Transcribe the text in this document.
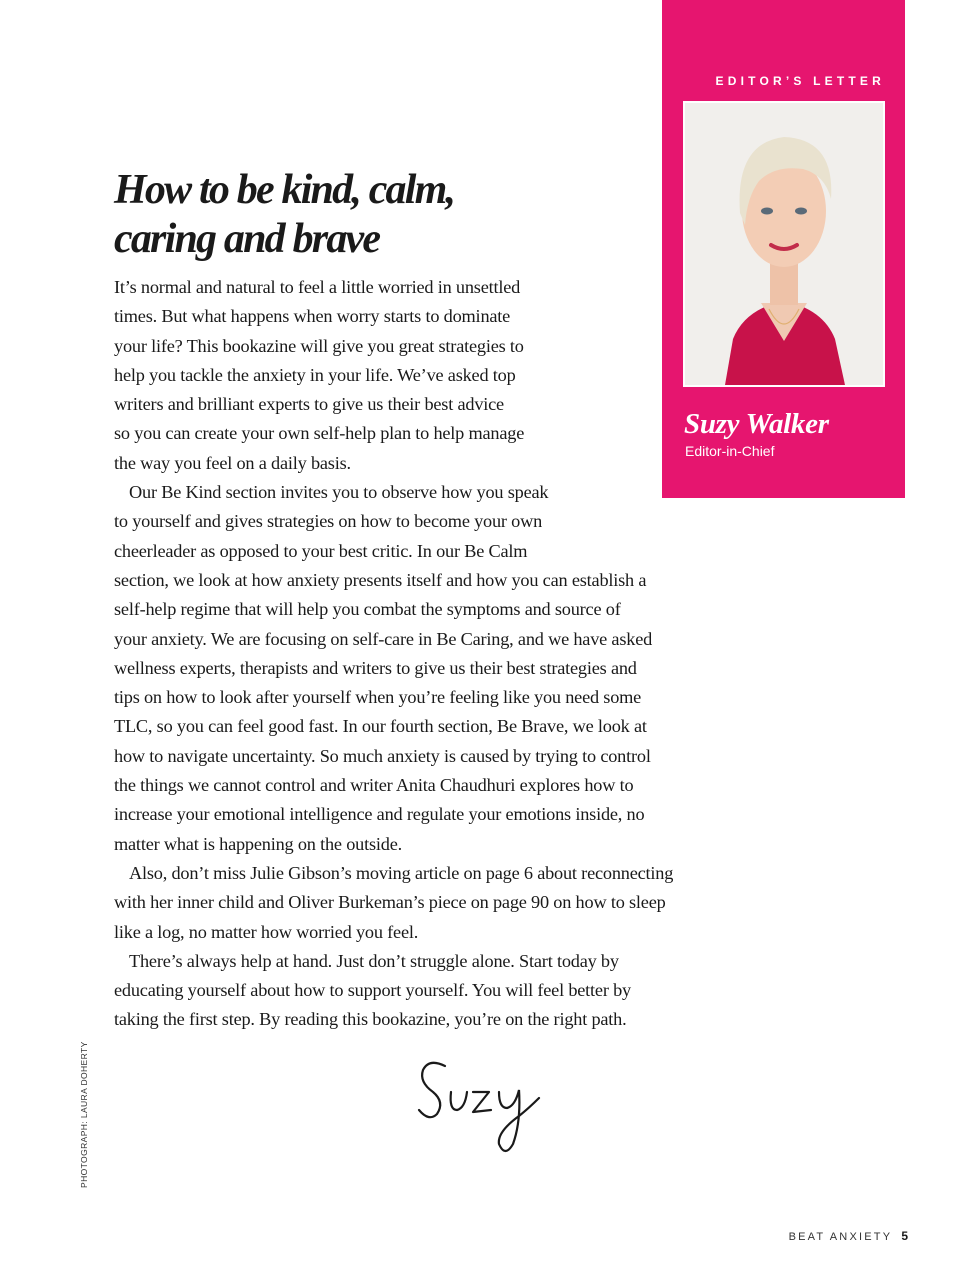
EDITOR’S LETTER
Suzy Walker
Editor-in-Chief
How to be kind, calm,
caring and brave
It’s normal and natural to feel a little worried in unsettled
times. But what happens when worry starts to dominate
your life? This bookazine will give you great strategies to
help you tackle the anxiety in your life. We’ve asked top
writers and brilliant experts to give us their best advice
so you can create your own self-help plan to help manage
the way you feel on a daily basis.
Our Be Kind section invites you to observe how you speak
to yourself and gives strategies on how to become your own
cheerleader as opposed to your best critic. In our Be Calm
section, we look at how anxiety presents itself and how you can establish a
self-help regime that will help you combat the symptoms and source of
your anxiety. We are focusing on self-care in Be Caring, and we have asked
wellness experts, therapists and writers to give us their best strategies and
tips on how to look after yourself when you’re feeling like you need some
TLC, so you can feel good fast. In our fourth section, Be Brave, we look at
how to navigate uncertainty. So much anxiety is caused by trying to control
the things we cannot control and writer Anita Chaudhuri explores how to
increase your emotional intelligence and regulate your emotions inside, no
matter what is happening on the outside.
Also, don’t miss Julie Gibson’s moving article on page 6 about reconnecting
with her inner child and Oliver Burkeman’s piece on page 90 on how to sleep
like a log, no matter how worried you feel.
There’s always help at hand. Just don’t struggle alone. Start today by
educating yourself about how to support yourself. You will feel better by
taking the first step. By reading this bookazine, you’re on the right path.
PHOTOGRAPH: LAURA DOHERTY
BEAT ANXIETY 5
